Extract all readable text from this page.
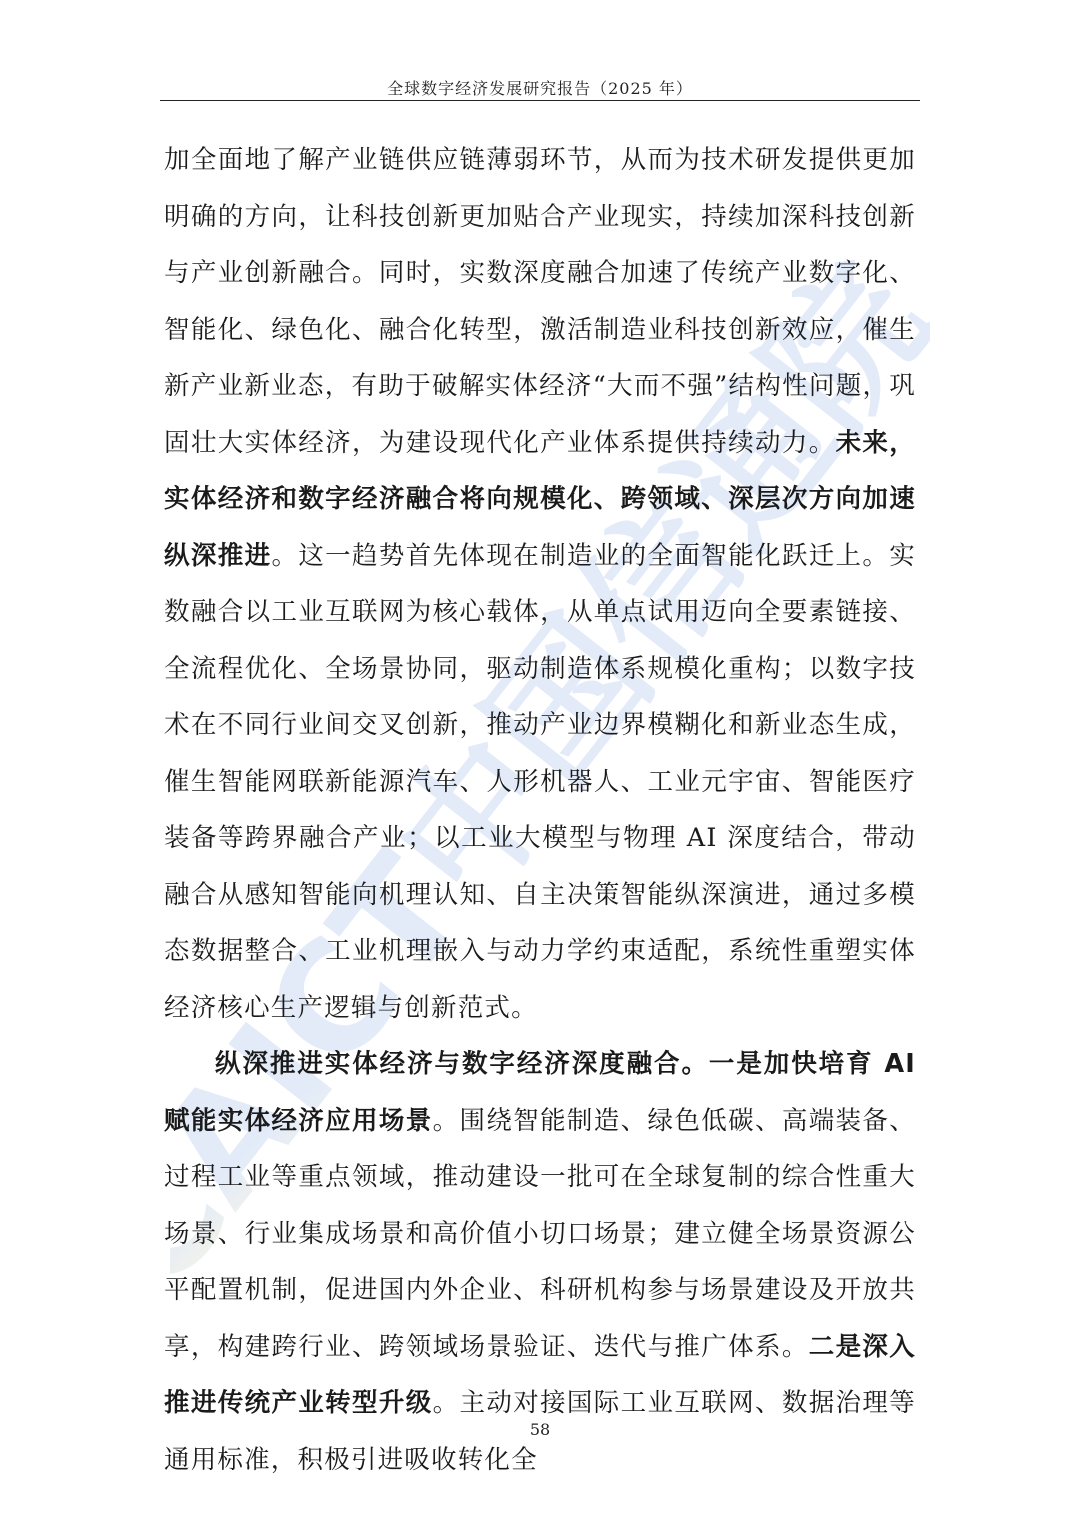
CAICT中国信通院
全球数字经济发展研究报告（2025 年）

加全面地了解产业链供应链薄弱环节，从而为技术研发提供更加明确的方向，让科技创新更加贴合产业现实，持续加深科技创新与产业创新融合。同时，实数深度融合加速了传统产业数字化、智能化、绿色化、融合化转型，激活制造业科技创新效应，催生新产业新业态，有助于破解实体经济“大而不强”结构性问题，巩固壮大实体经济，为建设现代化产业体系提供持续动力。未来，实体经济和数字经济融合将向规模化、跨领域、深层次方向加速纵深推进。这一趋势首先体现在制造业的全面智能化跃迁上。实数融合以工业互联网为核心载体，从单点试用迈向全要素链接、全流程优化、全场景协同，驱动制造体系规模化重构；以数字技术在不同行业间交叉创新，推动产业边界模糊化和新业态生成，催生智能网联新能源汽车、人形机器人、工业元宇宙、智能医疗装备等跨界融合产业；以工业大模型与物理 AI 深度结合，带动融合从感知智能向机理认知、自主决策智能纵深演进，通过多模态数据整合、工业机理嵌入与动力学约束适配，系统性重塑实体经济核心生产逻辑与创新范式。

纵深推进实体经济与数字经济深度融合。一是加快培育 AI 赋能实体经济应用场景。围绕智能制造、绿色低碳、高端装备、过程工业等重点领域，推动建设一批可在全球复制的综合性重大场景、行业集成场景和高价值小切口场景；建立健全场景资源公平配置机制，促进国内外企业、科研机构参与场景建设及开放共享，构建跨行业、跨领域场景验证、迭代与推广体系。二是深入推进传统产业转型升级。主动对接国际工业互联网、数据治理等通用标准，积极引进吸收转化全

58
